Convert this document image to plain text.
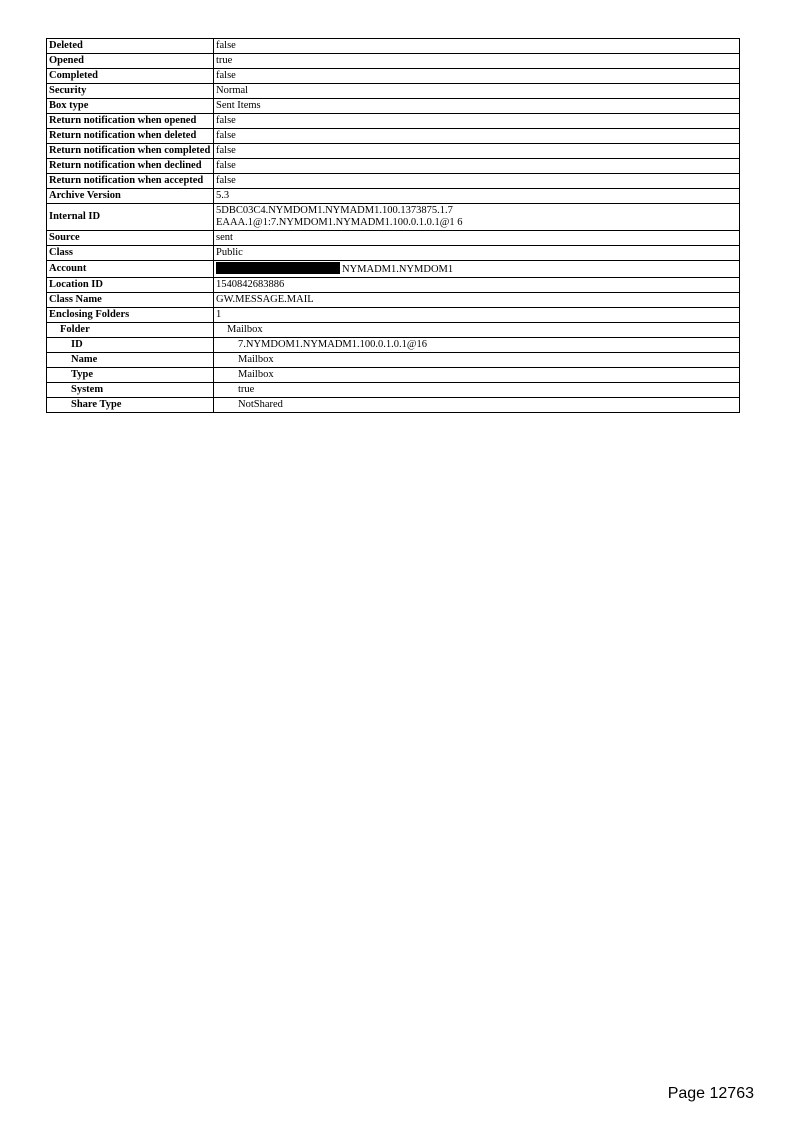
Deleted	false
Opened	true
Completed	false
Security	Normal
Box type	Sent Items
Return notification when opened	false
Return notification when deleted	false
Return notification when completed	false
Return notification when declined	false
Return notification when accepted	false
Archive Version	5.3
Internal ID	5DBC03C4.NYMDOM1.NYMADM1.100.1373875.1.7
EAAA.1@1:7.NYMDOM1.NYMADM1.100.0.1.0.1@1 6

Source	sent
Class	Public
Account	NYMADM1.NYMDOM1
Location ID	1540842683886
Class Name	GW.MESSAGE.MAIL
Enclosing Folders	1
Folder	Mailbox
ID	7.NYMDOM1.NYMADM1.100.0.1.0.1@16
Name	Mailbox
Type	Mailbox
System	true
Share Type	NotShared
Page 12763
